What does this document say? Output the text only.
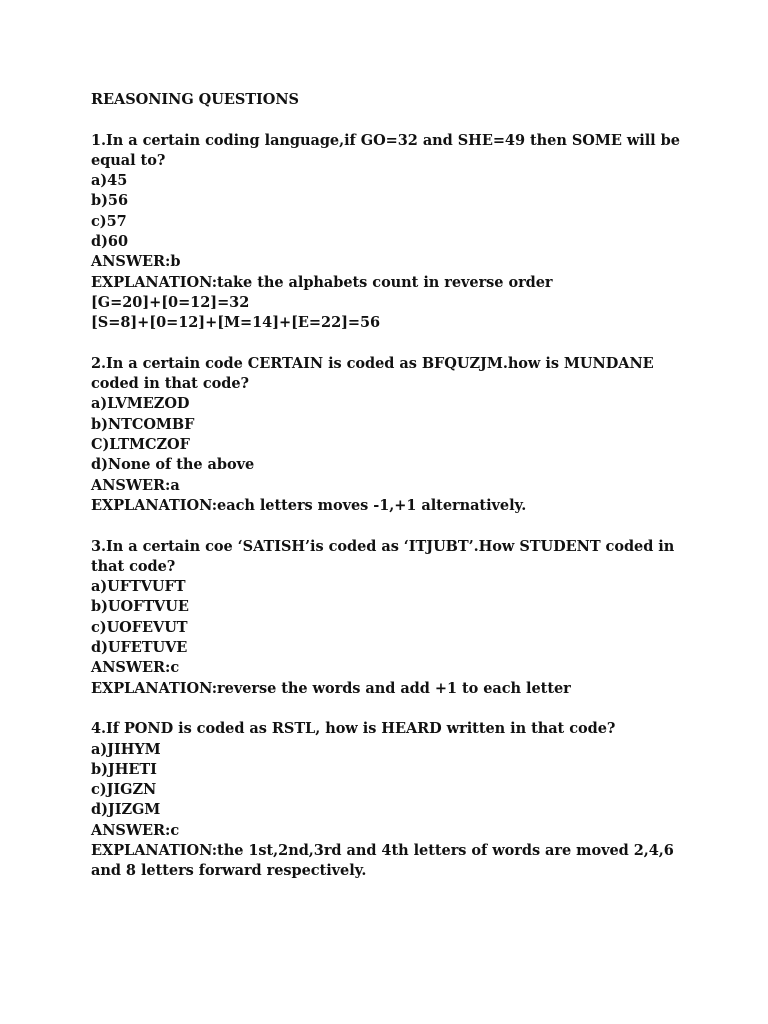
REASONING QUESTIONS
1.In a certain coding language,if GO=32 and SHE=49 then SOME will be equal to?
a)45
b)56
c)57
d)60
ANSWER:b
EXPLANATION:take the alphabets count in reverse order
[G=20]+[0=12]=32
[S=8]+[0=12]+[M=14]+[E=22]=56
2.In a certain code CERTAIN is coded as BFQUZJM.how is MUNDANE coded in that code?
a)LVMEZOD
b)NTCOMBF
C)LTMCZOF
d)None of the above
ANSWER:a
EXPLANATION:each letters moves -1,+1 alternatively.
3.In a certain coe ‘SATISH’is coded as ‘ITJUBT’.How STUDENT coded in that code?
a)UFTVUFT
b)UOFTVUE
c)UOFEVUT
d)UFETUVE
ANSWER:c
EXPLANATION:reverse the words and add +1 to each letter
4.If POND is coded as RSTL, how is HEARD written in that code?
a)JIHYM
b)JHETI
c)JIGZN
d)JIZGM
ANSWER:c
EXPLANATION:the 1st,2nd,3rd and 4th letters of words are moved 2,4,6 and 8 letters forward respectively.
